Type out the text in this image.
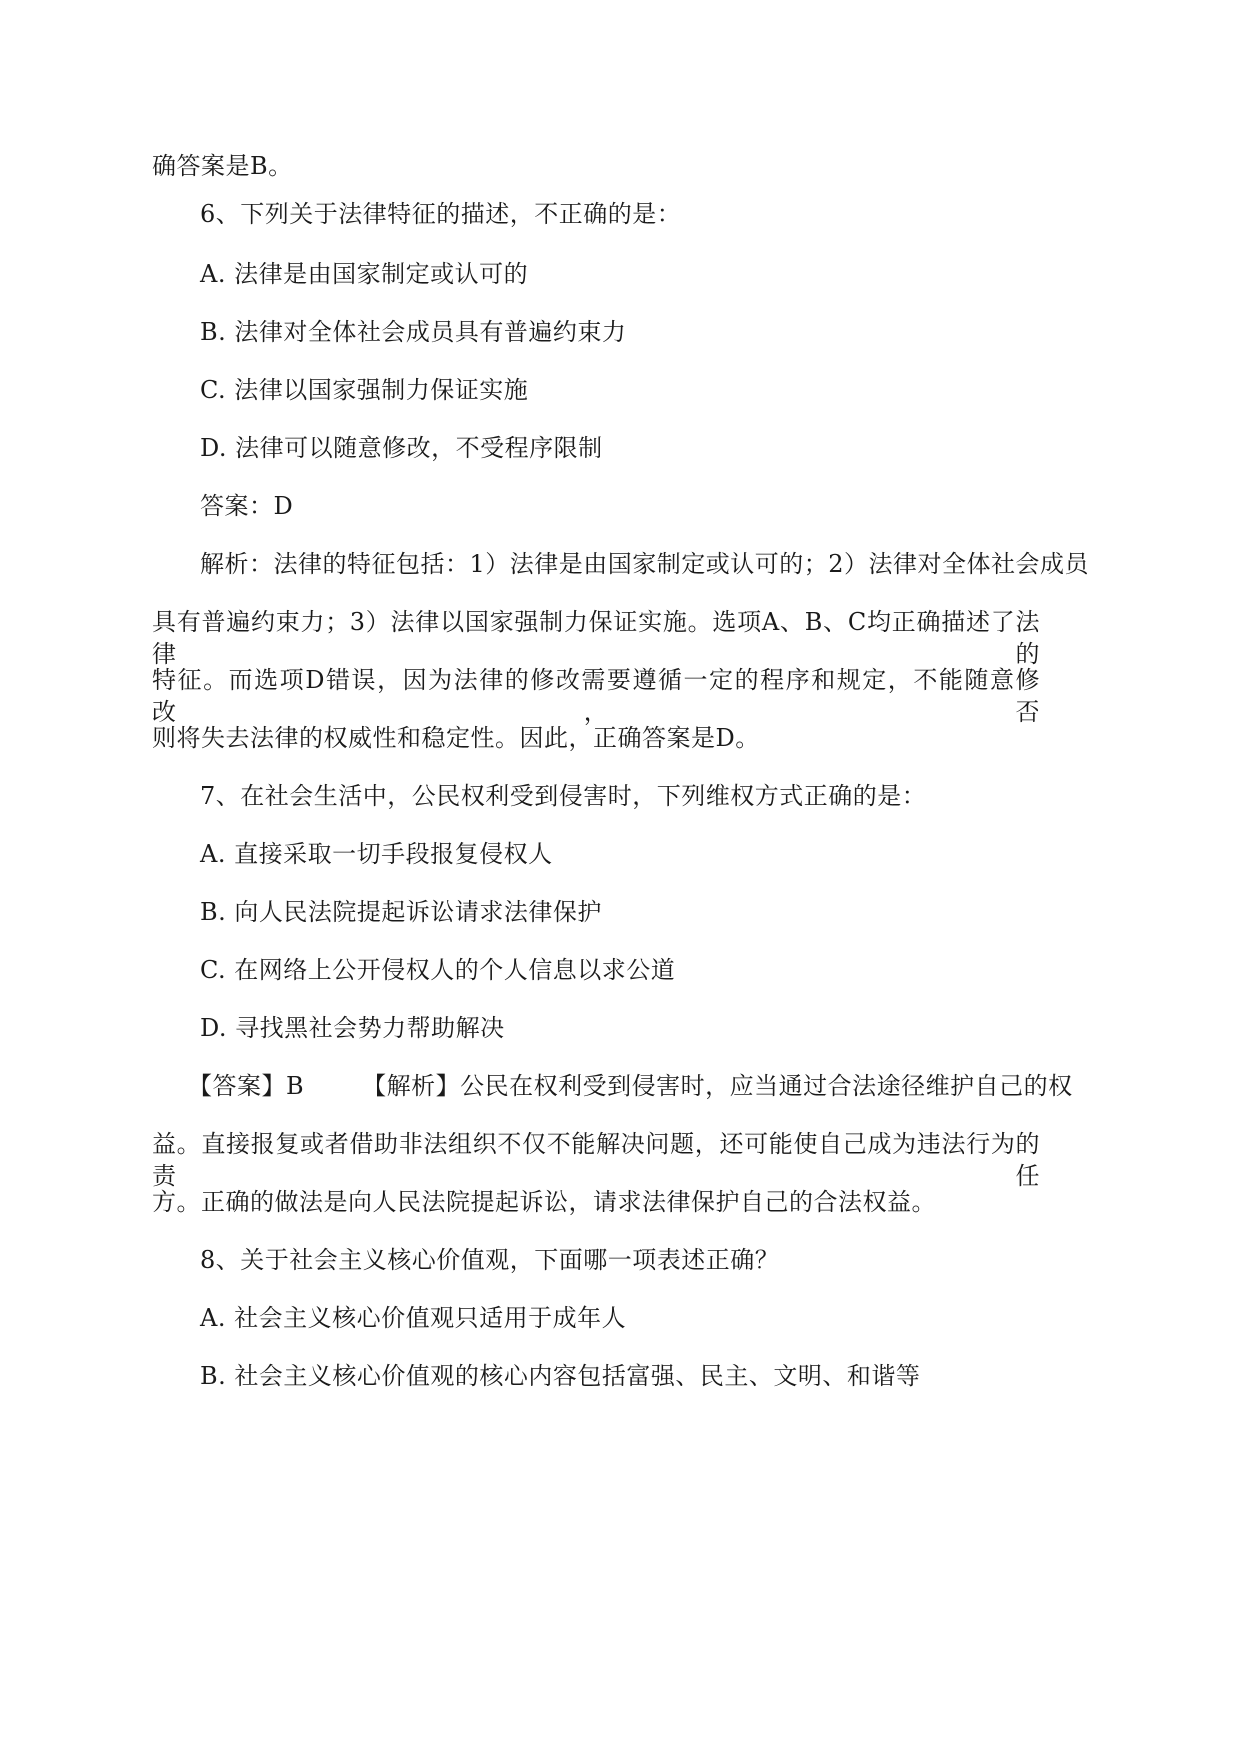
确答案是B。
6、下列关于法律特征的描述，不正确的是：
A. 法律是由国家制定或认可的
B. 法律对全体社会成员具有普遍约束力
C. 法律以国家强制力保证实施
D. 法律可以随意修改，不受程序限制
答案：D
解析：法律的特征包括：1）法律是由国家制定或认可的；2）法律对全体社会成员
具有普遍约束力；3）法律以国家强制力保证实施。选项A、B、C均正确描述了法律的
特征。而选项D错误，因为法律的修改需要遵循一定的程序和规定，不能随意修改，否
则将失去法律的权威性和稳定性。因此，正确答案是D。
7、在社会生活中，公民权利受到侵害时，下列维权方式正确的是：
A. 直接采取一切手段报复侵权人
B. 向人民法院提起诉讼请求法律保护
C. 在网络上公开侵权人的个人信息以求公道
D. 寻找黑社会势力帮助解决
【答案】B 【解析】公民在权利受到侵害时，应当通过合法途径维护自己的权
益。直接报复或者借助非法组织不仅不能解决问题，还可能使自己成为违法行为的责任
方。正确的做法是向人民法院提起诉讼，请求法律保护自己的合法权益。
8、关于社会主义核心价值观，下面哪一项表述正确？
A. 社会主义核心价值观只适用于成年人
B. 社会主义核心价值观的核心内容包括富强、民主、文明、和谐等
